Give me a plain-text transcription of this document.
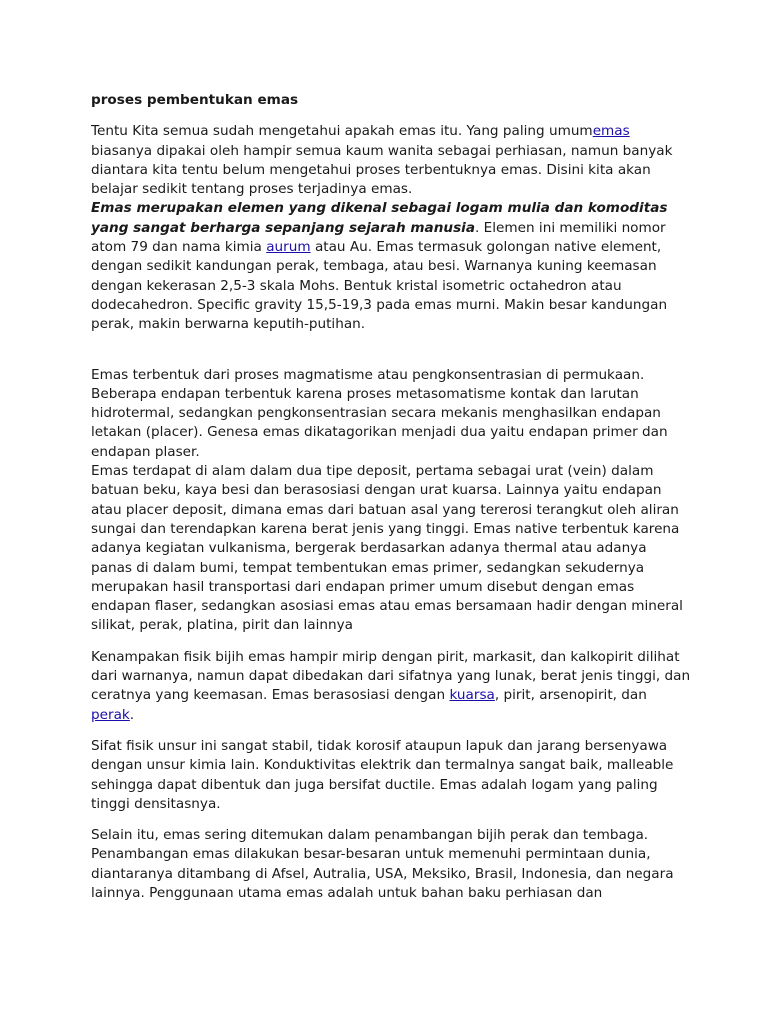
proses pembentukan emas

Tentu Kita semua sudah mengetahui apakah emas itu. Yang paling umumemas biasanya dipakai oleh hampir semua kaum wanita sebagai perhiasan, namun banyak diantara kita tentu belum mengetahui proses terbentuknya emas. Disini kita akan belajar sedikit tentang proses terjadinya emas.

Emas merupakan elemen yang dikenal sebagai logam mulia dan komoditas yang sangat berharga sepanjang sejarah manusia. Elemen ini memiliki nomor atom 79 dan nama kimia aurum atau Au. Emas termasuk golongan native element, dengan sedikit kandungan perak, tembaga, atau besi. Warnanya kuning keemasan dengan kekerasan 2,5-3 skala Mohs. Bentuk kristal isometric octahedron atau dodecahedron. Specific gravity 15,5-19,3 pada emas murni. Makin besar kandungan perak, makin berwarna keputih-putihan.

Emas terbentuk dari proses magmatisme atau pengkonsentrasian di permukaan. Beberapa endapan terbentuk karena proses metasomatisme kontak dan larutan hidrotermal, sedangkan pengkonsentrasian secara mekanis menghasilkan endapan letakan (placer). Genesa emas dikatagorikan menjadi dua yaitu endapan primer dan endapan plaser.

Emas terdapat di alam dalam dua tipe deposit, pertama sebagai urat (vein) dalam batuan beku, kaya besi dan berasosiasi dengan urat kuarsa. Lainnya yaitu endapan atau placer deposit, dimana emas dari batuan asal yang tererosi terangkut oleh aliran sungai dan terendapkan karena berat jenis yang tinggi. Emas native terbentuk karena adanya kegiatan vulkanisma, bergerak berdasarkan adanya thermal atau adanya panas di dalam bumi, tempat tembentukan emas primer, sedangkan sekudernya merupakan hasil transportasi dari endapan primer umum disebut dengan emas endapan flaser, sedangkan asosiasi emas atau emas bersamaan hadir dengan mineral silikat, perak, platina, pirit dan lainnya

Kenampakan fisik bijih emas hampir mirip dengan pirit, markasit, dan kalkopirit dilihat dari warnanya, namun dapat dibedakan dari sifatnya yang lunak, berat jenis tinggi, dan ceratnya yang keemasan. Emas berasosiasi dengan kuarsa, pirit, arsenopirit, dan perak.

Sifat fisik unsur ini sangat stabil, tidak korosif ataupun lapuk dan jarang bersenyawa dengan unsur kimia lain. Konduktivitas elektrik dan termalnya sangat baik, malleable sehingga dapat dibentuk dan juga bersifat ductile. Emas adalah logam yang paling tinggi densitasnya.

Selain itu, emas sering ditemukan dalam penambangan bijih perak dan tembaga. Penambangan emas dilakukan besar-besaran untuk memenuhi permintaan dunia, diantaranya ditambang di Afsel, Autralia, USA, Meksiko, Brasil, Indonesia, dan negara lainnya. Penggunaan utama emas adalah untuk bahan baku perhiasan dan
